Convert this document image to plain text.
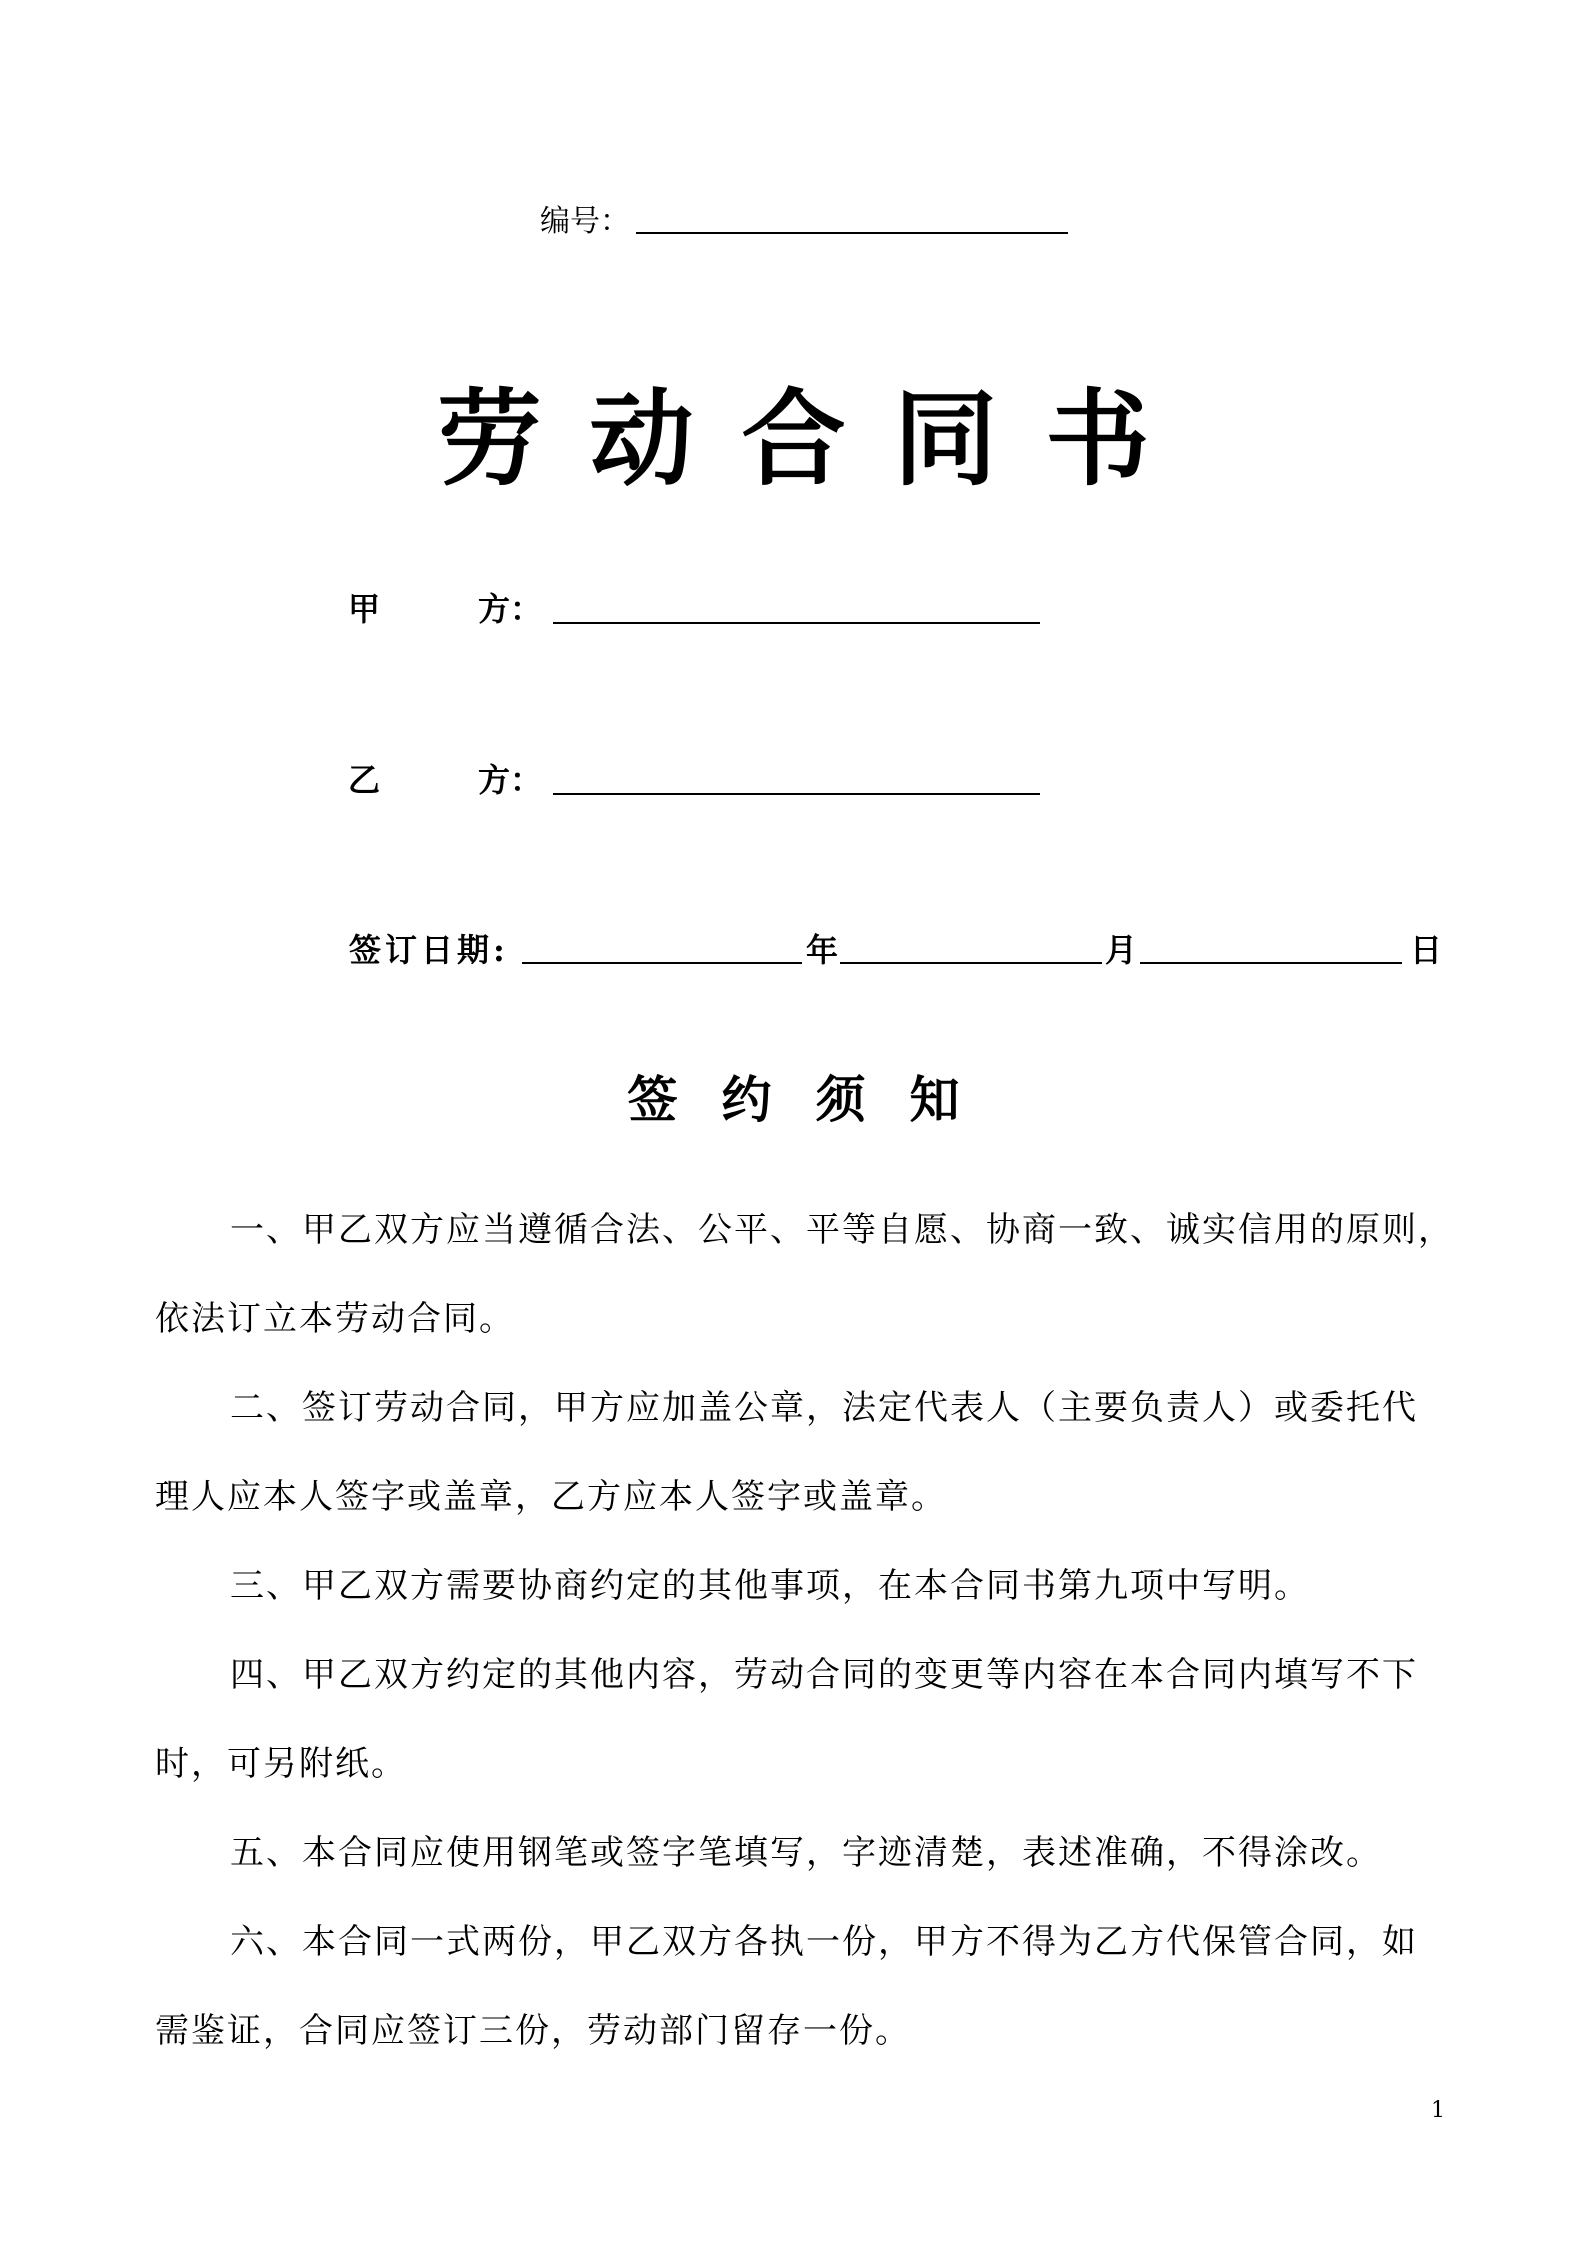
编号：
劳动合同书
甲	方：
乙	方：
签订日期:	年	月	日
签约须知
一、甲乙双方应当遵循合法、公平、平等自愿、协商一致、诚实信用的原则，
依法订立本劳动合同。
二、签订劳动合同，甲方应加盖公章，法定代表人（主要负责人）或委托代
理人应本人签字或盖章，乙方应本人签字或盖章。
三、甲乙双方需要协商约定的其他事项，在本合同书第九项中写明。
四、甲乙双方约定的其他内容，劳动合同的变更等内容在本合同内填写不下
时，可另附纸。
五、本合同应使用钢笔或签字笔填写，字迹清楚，表述准确，不得涂改。
六、本合同一式两份，甲乙双方各执一份，甲方不得为乙方代保管合同，如
需鉴证，合同应签订三份，劳动部门留存一份。
1
